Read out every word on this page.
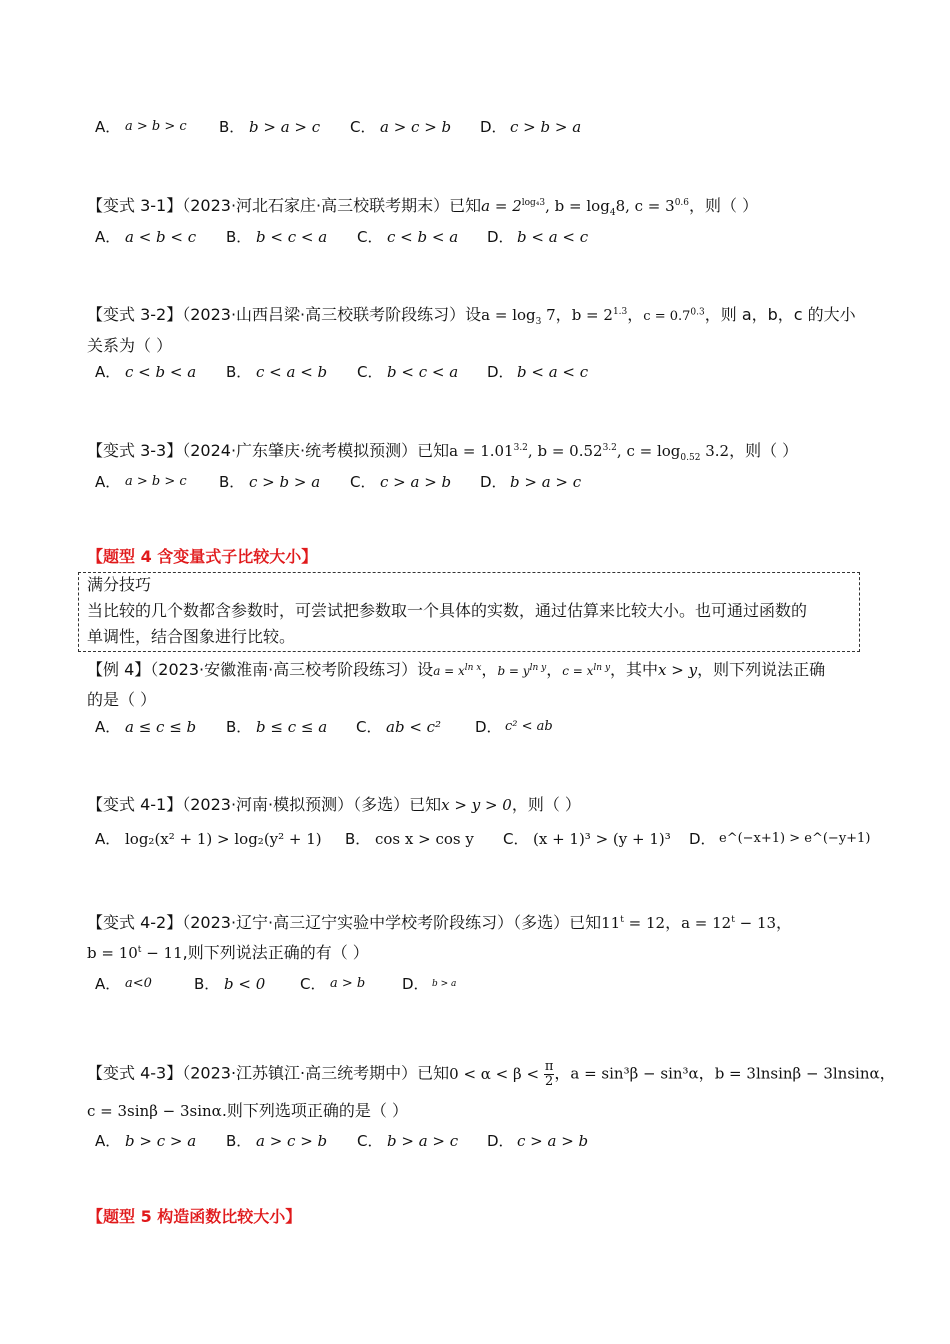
A． a > b > c B． b > a > c C． a > c > b D． c > b > a
【变式 3-1】（2023·河北石家庄·高三校联考期末）已知$a = 2^{log_43}$, $b = \log_48$, $c = 3^{0.6}$，则（ ）
A． a < b < c B． b < c < a C． c < b < a D． b < a < c
【变式 3-2】（2023·山西吕梁·高三校联考阶段练习）设$a = \log_3 7$，$b = 2^{1.3}$，$c = 0.7^{0.3}$，则 a，b，c 的大小
关系为（ ）
A． c < b < a B． c < a < b C． b < c < a D． b < a < c
【变式 3-3】（2024·广东肇庆·统考模拟预测）已知$a = 1.01^{3.2}$, $b = 0.52^{3.2}$, $c = \log_{0.52} 3.2$，则（ ）
A． a > b > c B． c > b > a C． c > a > b D． b > a > c
【题型 4 含变量式子比较大小】
满分技巧
当比较的几个数都含参数时，可尝试把参数取一个具体的实数，通过估算来比较大小。也可通过函数的
单调性，结合图象进行比较。
【例 4】（2023·安徽淮南·高三校考阶段练习）设$a = x^{ln x}$，$b = y^{ln y}$，$c = x^{ln y}$，其中x > y，则下列说法正确
的是（ ）
A． a ≤ c ≤ b B． b ≤ c ≤ a C． ab < c² D． c² < ab
【变式 4-1】（2023·河南·模拟预测）（多选）已知x > y > 0，则（ ）
A． log₂(x² + 1) > log₂(y² + 1) B． cos x > cos y C． (x + 1)³ > (y + 1)³ D． e^(−x+1) > e^(−y+1)
【变式 4-2】（2023·辽宁·高三辽宁实验中学校考阶段练习）（多选）已知$11^t = 12$，$a = 12^t - 13$，
$b = 10^t - 11$,则下列说法正确的有（ ）
A． a<0	B． b < 0 C． a > b D． b > a
【变式 4-3】（2023·江苏镇江·高三统考期中）已知$0 < \alpha < \beta < \frac{\pi}{2}$ ，a = sin³β − sin³α，b = 3lnsinβ − 3lnsinα，
c = 3sinβ − 3sinα.则下列选项正确的是（ ）
A． b > c > a B． a > c > b C． b > a > c D． c > a > b
【题型 5 构造函数比较大小】
